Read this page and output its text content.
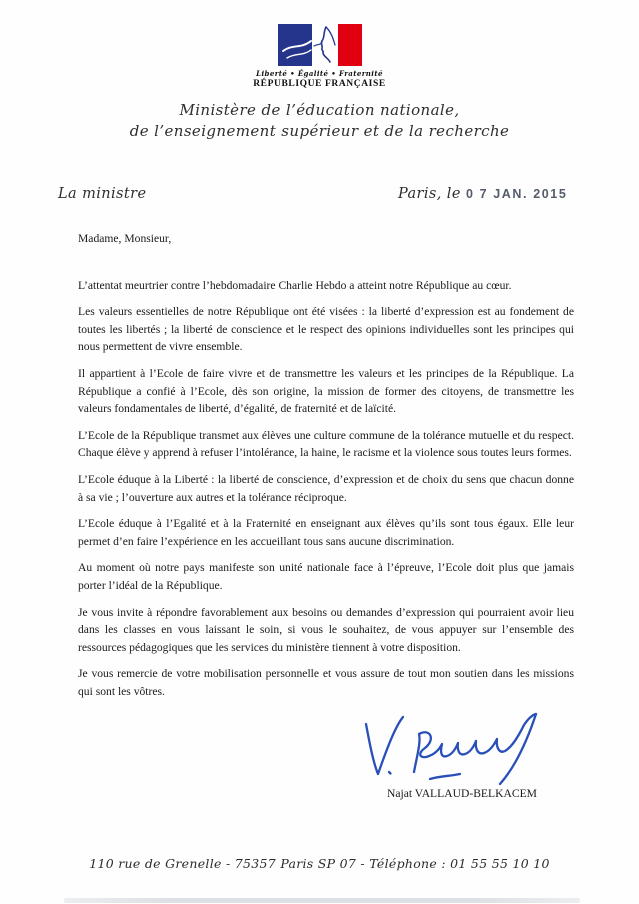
Liberté • Égalité • Fraternité
RÉPUBLIQUE FRANÇAISE
Ministère de l’éducation nationale,
de l’enseignement supérieur et de la recherche
La ministre	Paris, le 0 7 JAN. 2015

Madame, Monsieur,

L’attentat meurtrier contre l’hebdomadaire Charlie Hebdo a atteint notre République au cœur.

Les valeurs essentielles de notre République ont été visées : la liberté d’expression est au fondement de toutes les libertés ; la liberté de conscience et le respect des opinions individuelles sont les principes qui nous permettent de vivre ensemble.

Il appartient à l’Ecole de faire vivre et de transmettre les valeurs et les principes de la République. La République a confié à l’Ecole, dès son origine, la mission de former des citoyens, de transmettre les valeurs fondamentales de liberté, d’égalité, de fraternité et de laïcité.

L’Ecole de la République transmet aux élèves une culture commune de la tolérance mutuelle et du respect. Chaque élève y apprend à refuser l’intolérance, la haine, le racisme et la violence sous toutes leurs formes.

L’Ecole éduque à la Liberté : la liberté de conscience, d’expression et de choix du sens que chacun donne à sa vie ; l’ouverture aux autres et la tolérance réciproque.

L’Ecole éduque à l’Egalité et à la Fraternité en enseignant aux élèves qu’ils sont tous égaux. Elle leur permet d’en faire l’expérience en les accueillant tous sans aucune discrimination.

Au moment où notre pays manifeste son unité nationale face à l’épreuve, l’Ecole doit plus que jamais porter l’idéal de la République.

Je vous invite à répondre favorablement aux besoins ou demandes d’expression qui pourraient avoir lieu dans les classes en vous laissant le soin, si vous le souhaitez, de vous appuyer sur l’ensemble des ressources pédagogiques que les services du ministère tiennent à votre disposition.

Je vous remercie de votre mobilisation personnelle et vous assure de tout mon soutien dans les missions qui sont les vôtres.

Najat VALLAUD-BELKACEM
110 rue de Grenelle - 75357 Paris SP 07 - Téléphone : 01 55 55 10 10
